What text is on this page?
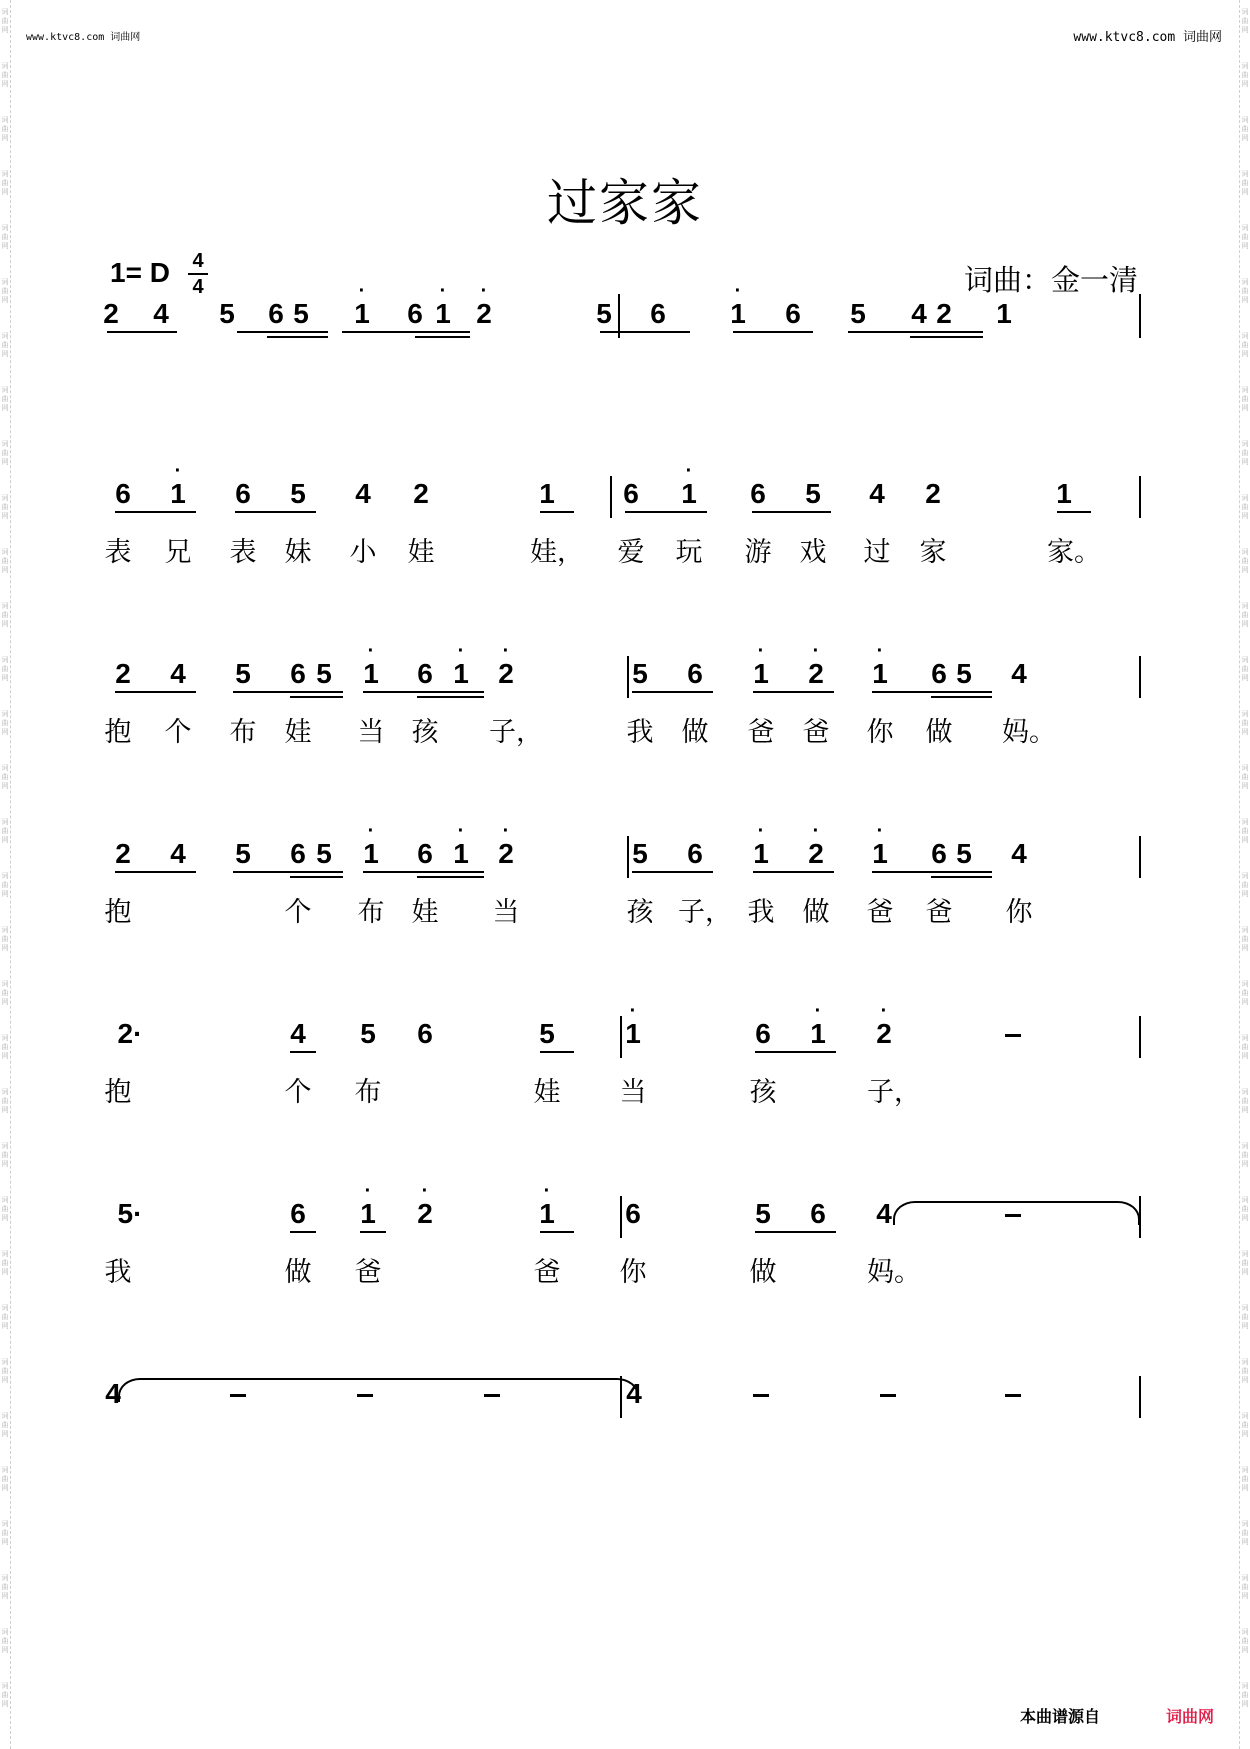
词
曲
网
词
曲
网
词
曲
网
词
曲
网
词
曲
网
词
曲
网
词
曲
网
词
曲
网
词
曲
网
词
曲
网
词
曲
网
词
曲
网
词
曲
网
词
曲
网
词
曲
网
词
曲
网
词
曲
网
词
曲
网
词
曲
网
词
曲
网
词
曲
网
词
曲
网
词
曲
网
词
曲
网
词
曲
网
词
曲
网
词
曲
网
词
曲
网
词
曲
网
词
曲
网
词
曲
网
词
曲
网
词
曲
网
词
曲
网
词
曲
网
词
曲
网
词
曲
网
词
曲
网
词
曲
网
词
曲
网
词
曲
网
词
曲
网
词
曲
网
词
曲
网
词
曲
网
词
曲
网
词
曲
网
词
曲
网
词
曲
网
词
曲
网
词
曲
网
词
曲
网
词
曲
网
词
曲
网
词
曲
网
词
曲
网
词
曲
网
词
曲
网
词
曲
网
词
曲
网
词
曲
网
词
曲
网
词
曲
网
词
曲
网
www.ktvc8.com 词曲网	www.ktvc8.com 词曲网
过家家
1= D 4
4	词曲：金一清
2 4 5 6 5 1
·
6 1
·
2
·
5 6 1
·
6 5 4 2 1
6 1
·
6 5 4 2	1 6 1
·
6 5 4 2	1
表 兄 表 妹 小 娃	娃， 爱 玩 游 戏 过 家	家。
2 4 5 6 5 1
·
6 1
·
2
·
5 6 1
·
2
·
1
·
6 5 4
抱 个 布 娃 当 孩 子，	我 做 爸 爸 你 做 妈。
2 4 5 6 5 1
·
6 1
·
2
·
5 6 1
·
2
·
1
·
6 5 4
抱	个 布 娃 当	孩 子， 我 做 爸 爸 你
2·	4 5 6	5	1
·
6 1
·
2
·
抱	个 布	娃 当	孩	子，
5·	6 1
·
2
·
1
·
6	5 6 4
我	做 爸	爸 你	做	妈。
4	4
本曲谱源自	词曲网
